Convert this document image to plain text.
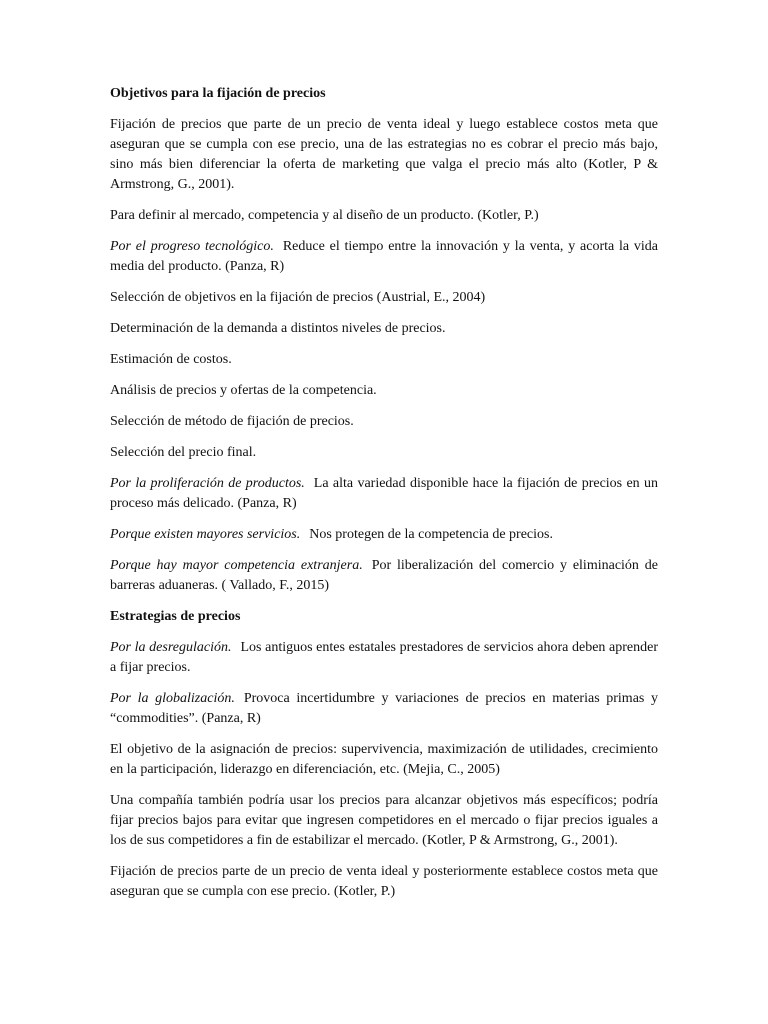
Objetivos para la fijación de precios

Fijación de precios que parte de un precio de venta ideal y luego establece costos meta que aseguran que se cumpla con ese precio, una de las estrategias no es cobrar el precio más bajo, sino más bien diferenciar la oferta de marketing que valga el precio más alto (Kotler, P & Armstrong, G., 2001).

Para definir al mercado, competencia y al diseño de un producto. (Kotler, P.)

Por el progreso tecnológico. Reduce el tiempo entre la innovación y la venta, y acorta la vida media del producto. (Panza, R)

Selección de objetivos en la fijación de precios (Austrial, E., 2004)

Determinación de la demanda a distintos niveles de precios.

Estimación de costos.

Análisis de precios y ofertas de la competencia.

Selección de método de fijación de precios.

Selección del precio final.

Por la proliferación de productos. La alta variedad disponible hace la fijación de precios en un proceso más delicado. (Panza, R)

Porque existen mayores servicios. Nos protegen de la competencia de precios.

Porque hay mayor competencia extranjera. Por liberalización del comercio y eliminación de barreras aduaneras. ( Vallado, F., 2015)

Estrategias de precios

Por la desregulación. Los antiguos entes estatales prestadores de servicios ahora deben aprender a fijar precios.

Por la globalización. Provoca incertidumbre y variaciones de precios en materias primas y “commodities”. (Panza, R)

El objetivo de la asignación de precios: supervivencia, maximización de utilidades, crecimiento en la participación, liderazgo en diferenciación, etc. (Mejia, C., 2005)

Una compañía también podría usar los precios para alcanzar objetivos más específicos; podría fijar precios bajos para evitar que ingresen competidores en el mercado o fijar precios iguales a los de sus competidores a fin de estabilizar el mercado. (Kotler, P & Armstrong, G., 2001).

Fijación de precios parte de un precio de venta ideal y posteriormente establece costos meta que aseguran que se cumpla con ese precio. (Kotler, P.)
